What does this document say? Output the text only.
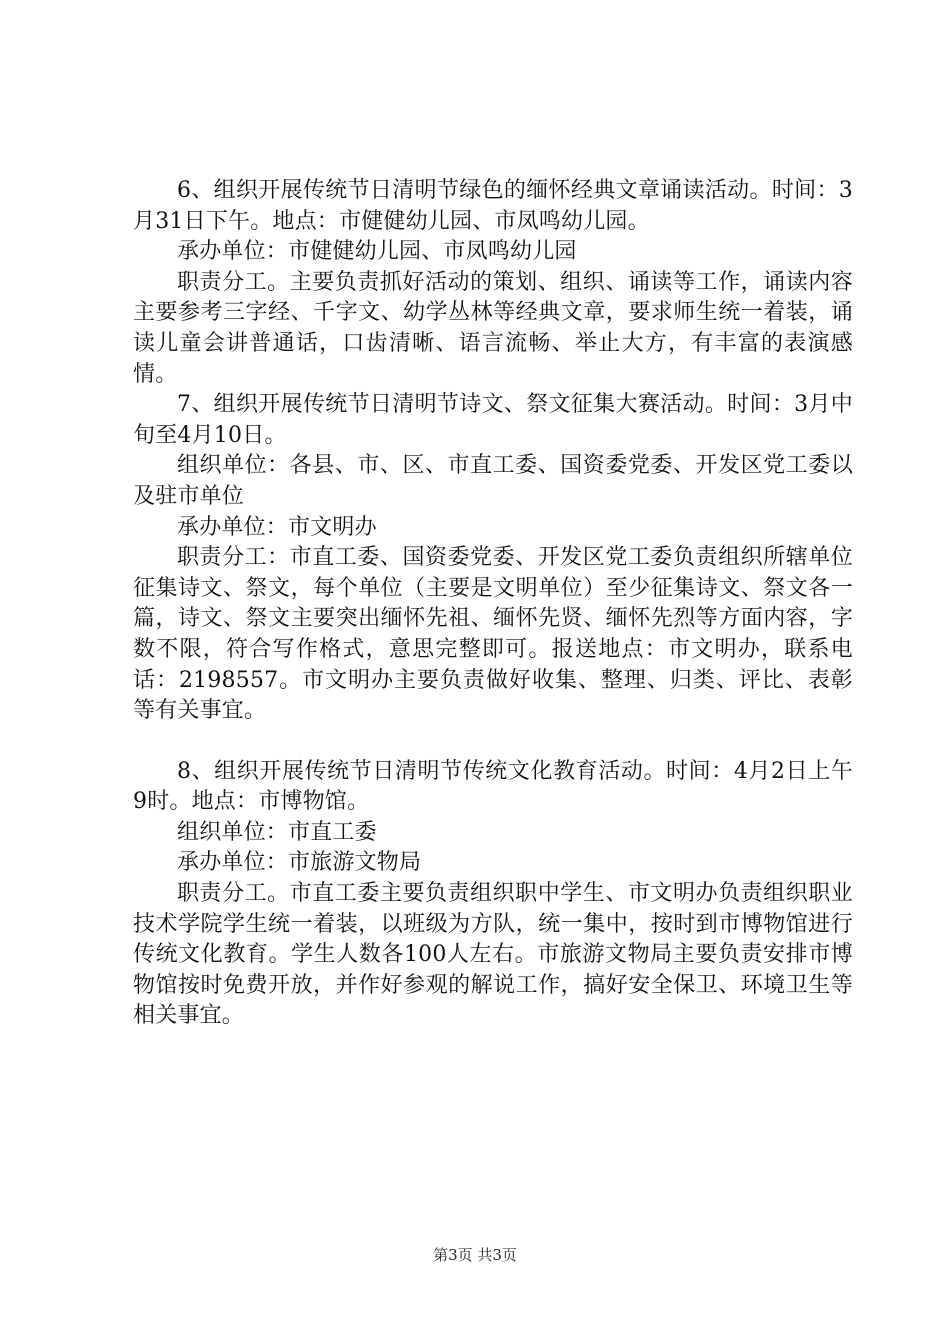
6、组织开展传统节日清明节绿色的缅怀经典文章诵读活动。时间：3月31日下午。地点：市健健幼儿园、市凤鸣幼儿园。

承办单位：市健健幼儿园、市凤鸣幼儿园

职责分工。主要负责抓好活动的策划、组织、诵读等工作，诵读内容主要参考三字经、千字文、幼学丛林等经典文章，要求师生统一着装，诵读儿童会讲普通话，口齿清晰、语言流畅、举止大方，有丰富的表演感情。

7、组织开展传统节日清明节诗文、祭文征集大赛活动。时间：3月中旬至4月10日。

组织单位：各县、市、区、市直工委、国资委党委、开发区党工委以及驻市单位

承办单位：市文明办

职责分工：市直工委、国资委党委、开发区党工委负责组织所辖单位征集诗文、祭文，每个单位（主要是文明单位）至少征集诗文、祭文各一篇，诗文、祭文主要突出缅怀先祖、缅怀先贤、缅怀先烈等方面内容，字数不限，符合写作格式，意思完整即可。报送地点：市文明办，联系电话：2198557。市文明办主要负责做好收集、整理、归类、评比、表彰等有关事宜。

8、组织开展传统节日清明节传统文化教育活动。时间：4月2日上午9时。地点：市博物馆。

组织单位：市直工委

承办单位：市旅游文物局

职责分工。市直工委主要负责组织职中学生、市文明办负责组织职业技术学院学生统一着装，以班级为方队，统一集中，按时到市博物馆进行传统文化教育。学生人数各100人左右。市旅游文物局主要负责安排市博物馆按时免费开放，并作好参观的解说工作，搞好安全保卫、环境卫生等相关事宜。

第3页 共3页
